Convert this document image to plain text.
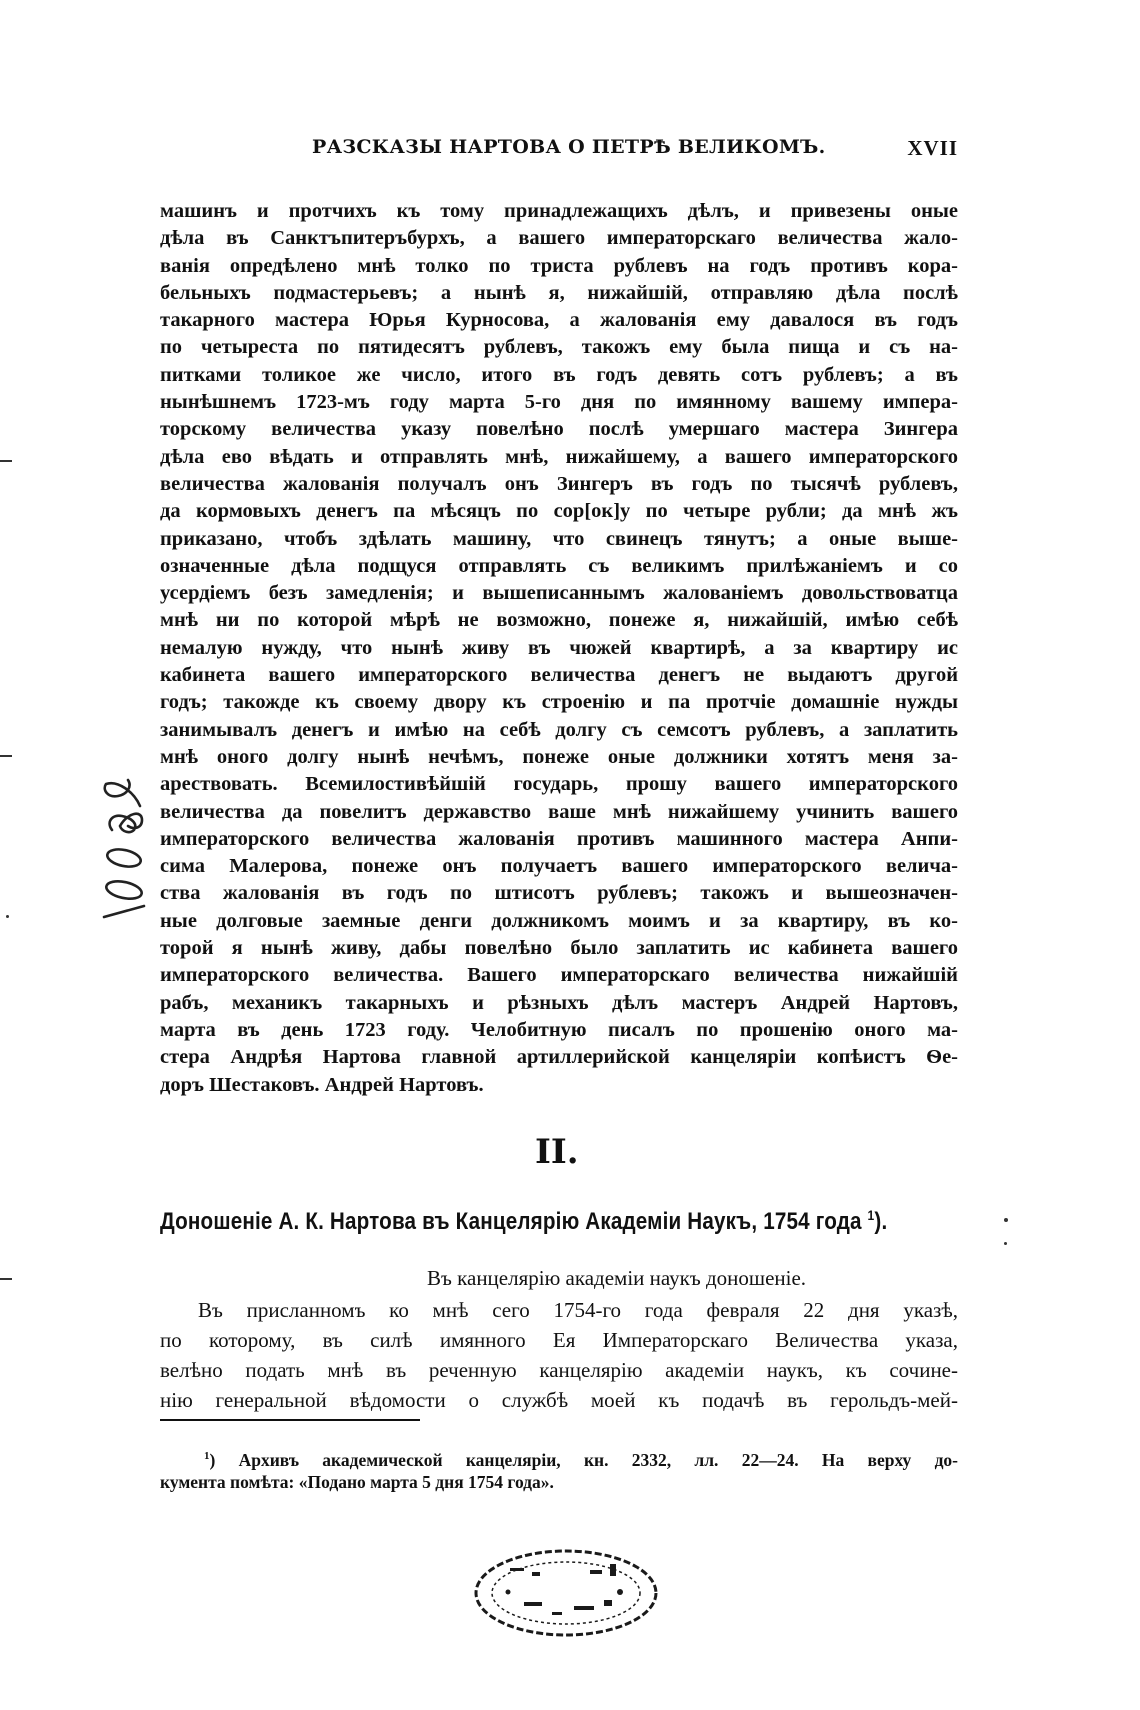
РАЗСКАЗЫ НАРТОВА О ПЕТРѢ ВЕЛИКОМЪ.	XVII
машинъ и протчихъ къ тому принадлежащихъ дѣлъ, и привезены оные
дѣла въ Санктъпитеръбурхъ, а вашего императорскаго величества жало-
ванія опредѣлено мнѣ толко по триста рублевъ на годъ противъ кора-
бельныхъ подмастерьевъ; а нынѣ я, нижайшій, отправляю дѣла послѣ
такарного мастера Юрья Курносова, а жалованія ему давалося въ годъ
по четыреста по пятидесятъ рублевъ, такожъ ему была пища и съ на-
питками толикое же число, итого въ годъ девять сотъ рублевъ; а въ
нынѣшнемъ 1723-мъ году марта 5-го дня по имянному вашему импера-
торскому величества указу повелѣно послѣ умершаго мастера Зингера
дѣла ево вѣдать и отправлять мнѣ, нижайшему, а вашего императорского
величества жалованія получалъ онъ Зингеръ въ годъ по тысячѣ рублевъ,
да кормовыхъ денегъ па мѣсяцъ по сор[ок]у по четыре рубли; да мнѣ жъ
приказано, чтобъ здѣлать машину, что свинецъ тянутъ; а оные выше-
означенные дѣла подщуся отправлять съ великимъ прилѣжаніемъ и со
усердіемъ безъ замедленія; и вышеписаннымъ жалованіемъ довольствоватца
мнѣ ни по которой мѣрѣ не возможно, понеже я, нижайшій, имѣю себѣ
немалую нужду, что нынѣ живу въ чюжей квартирѣ, а за квартиру ис
кабинета вашего императорского величества денегъ не выдаютъ другой
годъ; такожде къ своему двору къ строенію и па протчіе домашніе нужды
занимывалъ денегъ и имѣю на себѣ долгу съ семсотъ рублевъ, а заплатить
мнѣ оного долгу нынѣ нечѣмъ, понеже оные должники хотятъ меня за-
арествовать. Всемилостивѣйшій государь, прошу вашего императорского
величества да повелитъ державство ваше мнѣ нижайшему учинить вашего
императорского величества жалованія противъ машинного мастера Анпи-
сима Малерова, понеже онъ получаетъ вашего императорского велича-
ства жалованія въ годъ по штисотъ рублевъ; такожъ и вышеозначен-
ные долговые заемные денги должникомъ моимъ и за квартиру, въ ко-
торой я нынѣ живу, дабы повелѣно было заплатить ис кабинета вашего
императорского величества. Вашего императорскаго величества нижайшій
рабъ, механикъ такарныхъ и рѣзныхъ дѣлъ мастеръ Андрей Нартовъ,
марта въ день 1723 году. Челобитную писалъ по прошенію оного ма-
стера Андрѣя Нартова главной артиллерийской канцелярiи копѣистъ Ѳе-
доръ Шестаковъ. Андрей Нартовъ.
II.
Доношеніе А. К. Нартова въ Канцелярію Академіи Наукъ, 1754 года $^1$).
Въ канцелярію академіи наукъ доношеніе.
Въ присланномъ ко мнѣ сего 1754-го года февраля 22 дня указѣ,
по которому, въ силѣ имянного Ея Императорскаго Величества указа,
велѣно подать мнѣ въ реченную канцелярію академіи наукъ, къ сочине-
нію генеральной вѣдомости о службѣ моей къ подачѣ въ герольдъ-мей-
$^1$) Архивъ академической канцеляріи, кн. 2332, лл. 22—24. На верху до-
кумента помѣта: «Подано марта 5 дня 1754 года».
